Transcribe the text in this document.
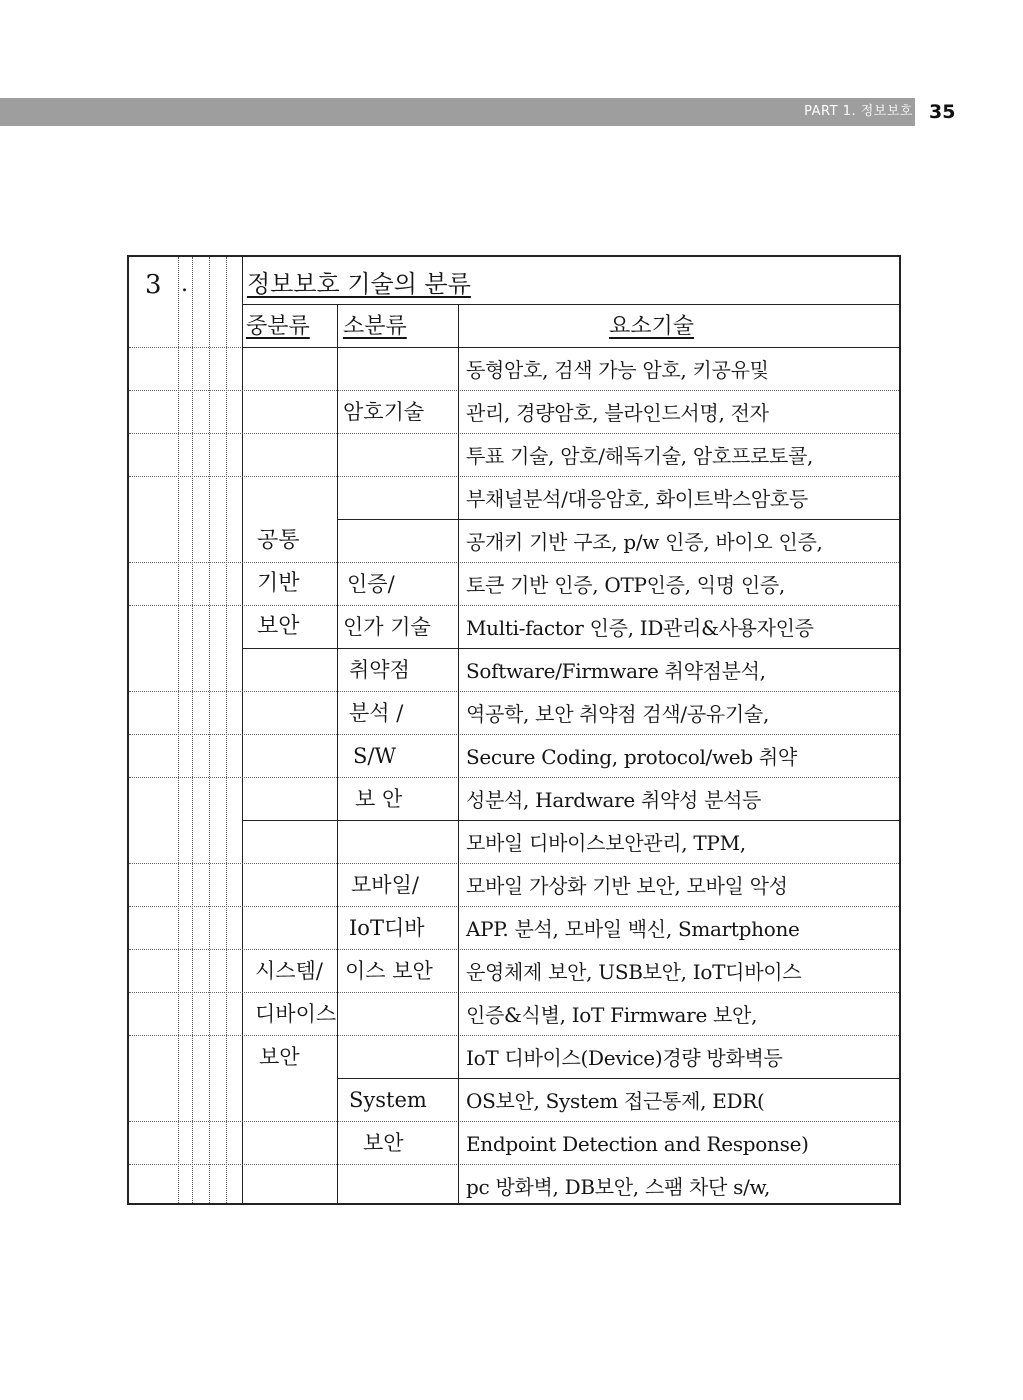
PART 1. 정보보호 35
3 . 정보보호 기술의 분류
중분류 소분류	요소기술
공통
기반
보안
암호기술
동형암호, 검색 가능 암호, 키공유및
관리, 경량암호, 블라인드서명, 전자
투표 기술, 암호/해독기술, 암호프로토콜,
부채널분석/대응암호, 화이트박스암호등
인증/
인가 기술
공개키 기반 구조, p/w 인증, 바이오 인증,
토큰 기반 인증, OTP인증, 익명 인증,
Multi-factor 인증, ID관리&사용자인증
취약점
분석 /
S/W
보 안
Software/Firmware 취약점분석,
역공학, 보안 취약점 검색/공유기술,
Secure Coding, protocol/web 취약
성분석, Hardware 취약성 분석등
시스템/
디바이스
보안
모바일/
IoT디바
이스 보안
모바일 디바이스보안관리, TPM,
모바일 가상화 기반 보안, 모바일 악성
APP. 분석, 모바일 백신, Smartphone
운영체제 보안, USB보안, IoT디바이스
인증&식별, IoT Firmware 보안,
IoT 디바이스(Device)경량 방화벽등
System
보안
OS보안, System 접근통제, EDR(
Endpoint Detection and Response)
pc 방화벽, DB보안, 스팸 차단 s/w,
